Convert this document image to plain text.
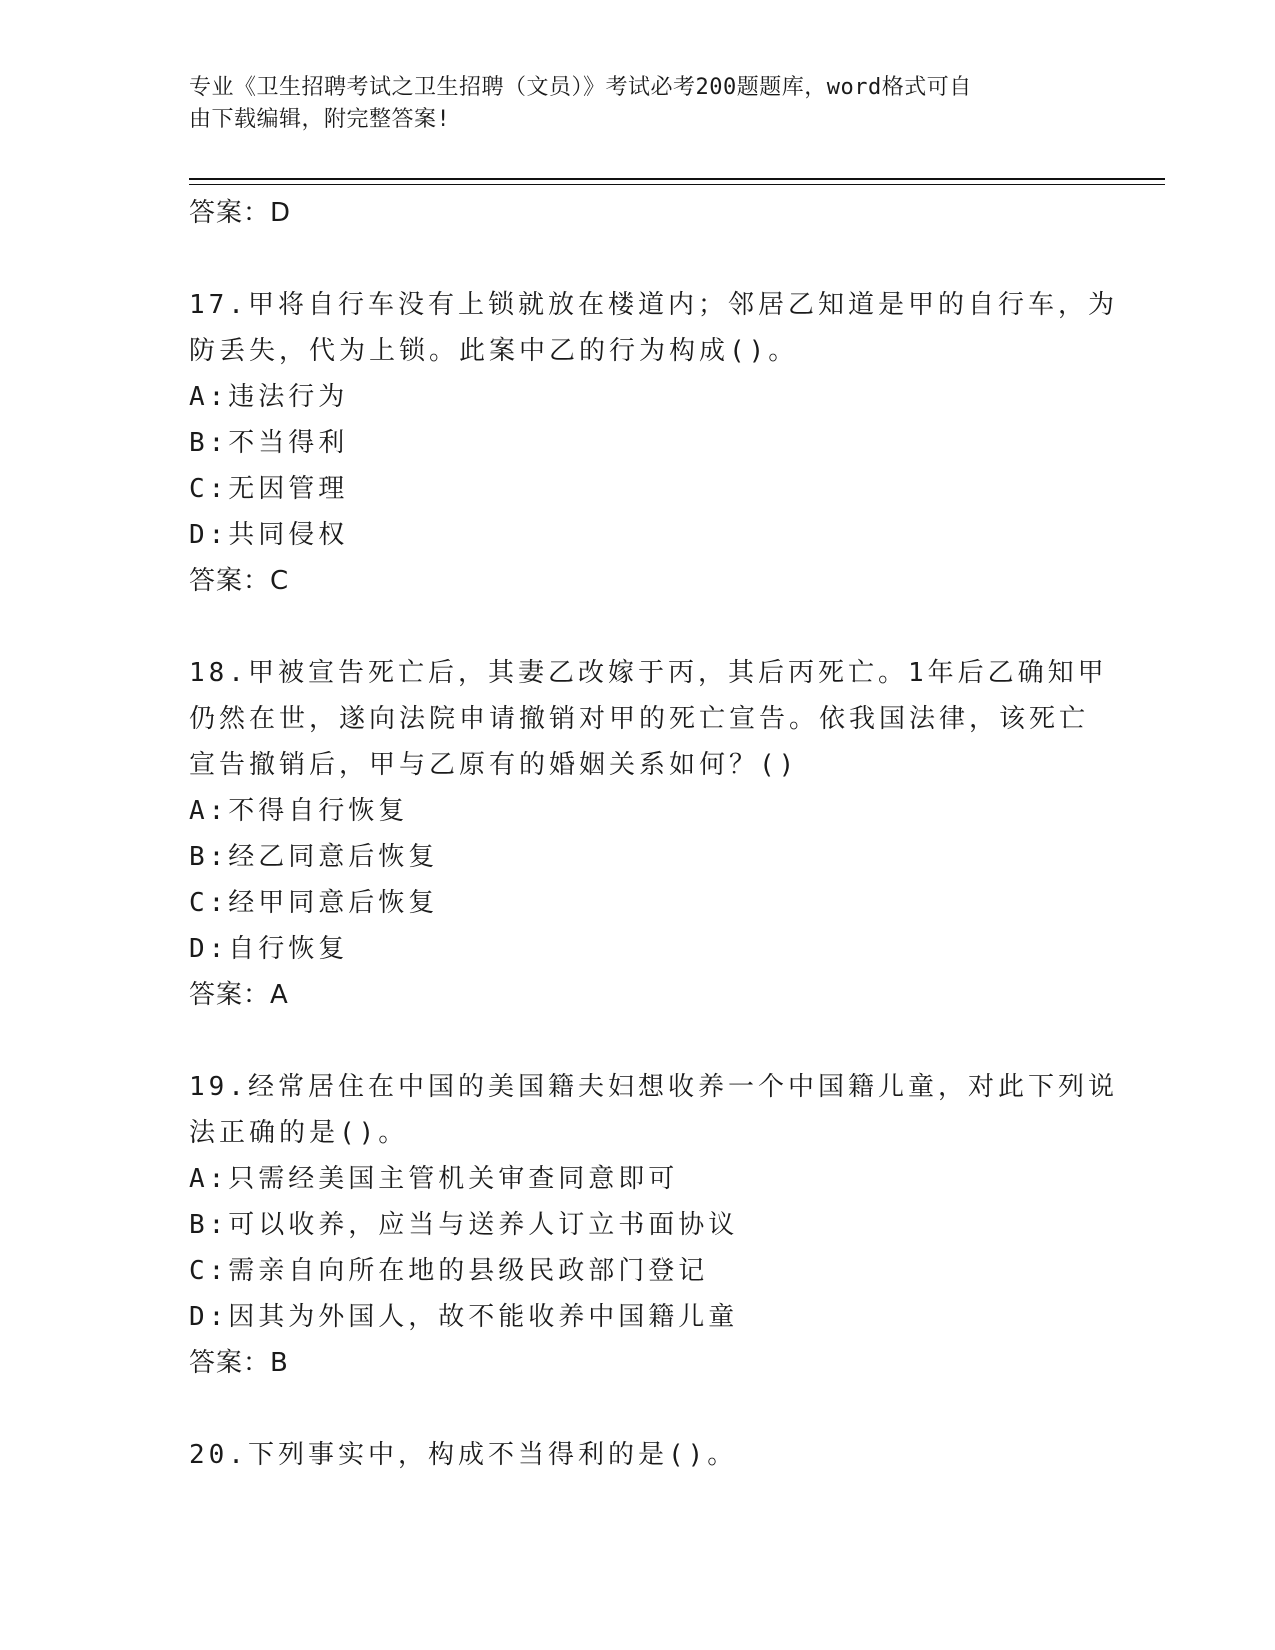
专业《卫生招聘考试之卫生招聘（文员）》考试必考200题题库，word格式可自
由下载编辑，附完整答案!
答案：D
17.甲将自行车没有上锁就放在楼道内；邻居乙知道是甲的自行车，为
防丢失，代为上锁。此案中乙的行为构成()。
A:违法行为
B:不当得利
C:无因管理
D:共同侵权
答案：C
18.甲被宣告死亡后，其妻乙改嫁于丙，其后丙死亡。1年后乙确知甲
仍然在世，遂向法院申请撤销对甲的死亡宣告。依我国法律，该死亡
宣告撤销后，甲与乙原有的婚姻关系如何？()
A:不得自行恢复
B:经乙同意后恢复
C:经甲同意后恢复
D:自行恢复
答案：A
19.经常居住在中国的美国籍夫妇想收养一个中国籍儿童，对此下列说
法正确的是()。
A:只需经美国主管机关审查同意即可
B:可以收养，应当与送养人订立书面协议
C:需亲自向所在地的县级民政部门登记
D:因其为外国人，故不能收养中国籍儿童
答案：B
20.下列事实中，构成不当得利的是()。
